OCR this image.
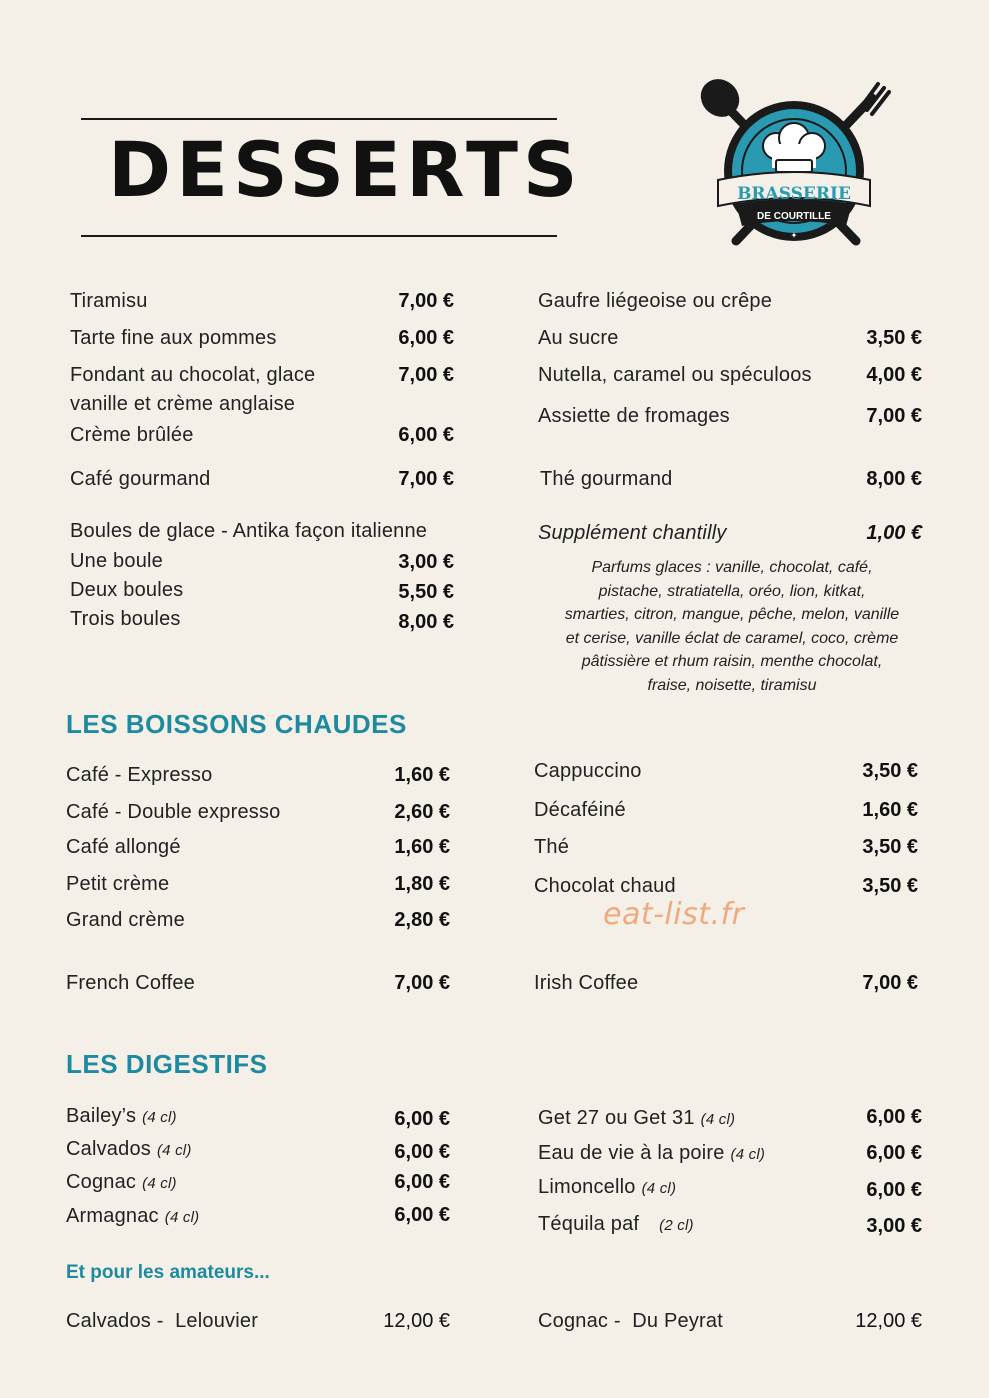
DESSERTS	BRASSERIE
DE COURTILLE
✦
Tiramisu	7,00 €
Tarte fine aux pommes	6,00 €
Fondant au chocolat, glace
vanille et crème anglaise
7,00 €
Crème brûlée	6,00 €
Café gourmand	7,00 €
Boules de glace - Antika façon italienne
Une boule	3,00 €
Deux boules	5,50 €
Trois boules	8,00 €
Gaufre liégeoise ou crêpe
Au sucre	3,50 €
Nutella, caramel ou spéculoos	4,00 €
Assiette de fromages	7,00 €
Thé gourmand	8,00 €
Supplément chantilly	1,00 €
Parfums glaces : vanille, chocolat, café,
pistache, stratiatella, oréo, lion, kitkat,
smarties, citron, mangue, pêche, melon, vanille
et cerise, vanille éclat de caramel, coco, crème
pâtissière et rhum raisin, menthe chocolat,
fraise, noisette, tiramisu
LES BOISSONS CHAUDES
Café - Expresso	1,60 €
Café - Double expresso	2,60 €
Café allongé	1,60 €
Petit crème	1,80 €
Grand crème	2,80 €
French Coffee	7,00 €
Cappuccino	3,50 €
Décaféiné	1,60 €
Thé	3,50 €
Chocolat chaud	3,50 €
Irish Coffee	7,00 €
eat-list.fr
LES DIGESTIFS
Bailey’s (4 cl)	6,00 €
Calvados (4 cl)	6,00 €
Cognac (4 cl)	6,00 €
Armagnac (4 cl)	6,00 €
Get 27 ou Get 31 (4 cl)	6,00 €
Eau de vie à la poire (4 cl)	6,00 €
Limoncello (4 cl)	6,00 €
Téquila paf (2 cl)	3,00 €
Et pour les amateurs...
Calvados -  Lelouvier	12,00 €	Cognac -  Du Peyrat	12,00 €
